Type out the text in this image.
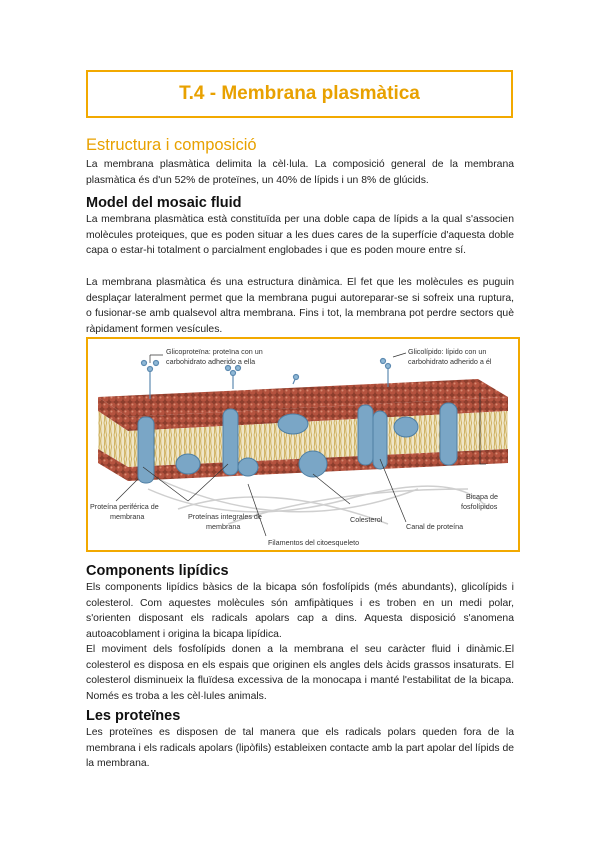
T.4 - Membrana plasmàtica
Estructura i composició

La membrana plasmàtica delimita la cèl·lula. La composició general de la membrana plasmàtica és d'un 52% de proteïnes, un 40% de lípids i un 8% de glúcids.

Model del mosaic fluid

La membrana plasmàtica està constituïda per una doble capa de lípids a la qual s'associen molècules proteiques, que es poden situar a les dues cares de la superfície d'aquesta doble capa o estar-hi totalment o parcialment englobades i que es poden moure entre sí.

La membrana plasmàtica és una estructura dinàmica. El fet que les molècules es puguin desplaçar lateralment permet que la membrana pugui autoreparar-se si sofreix una ruptura, o fusionar-se amb qualsevol altra membrana. Fins i tot, la membrana pot perdre sectors què ràpidament formen vesícules.

Glicoproteïna: proteïna con un
carbohidrato adherido a ella
Glicolípido: lípido con un
carbohidrato adherido a él
Bicapa de
fosfolípidos
Proteína periférica de
membrana	Proteínas integrales de
membrana
Colesterol
Canal de proteína
Filamentos del citoesqueleto
Components lipídics

Els components lipídics bàsics de la bicapa són fosfolípids (més abundants), glicolípids i colesterol. Com aquestes molècules són amfipàtiques i es troben en un medi polar, s'orienten disposant els radicals apolars cap a dins. Aquesta disposició s'anomena autoacoblament i origina la bicapa lipídica.

El moviment dels fosfolípids donen a la membrana el seu caràcter fluid i dinàmic.El colesterol es disposa en els espais que originen els angles dels àcids grassos insaturats. El colesterol disminueix la fluïdesa excessiva de la monocapa i manté l'estabilitat de la bicapa. Només es troba a les cèl·lules animals.

Les proteïnes

Les proteïnes es disposen de tal manera que els radicals polars queden fora de la membrana i els radicals apolars (lipòfils) estableixen contacte amb la part apolar del lípids de la membrana.
